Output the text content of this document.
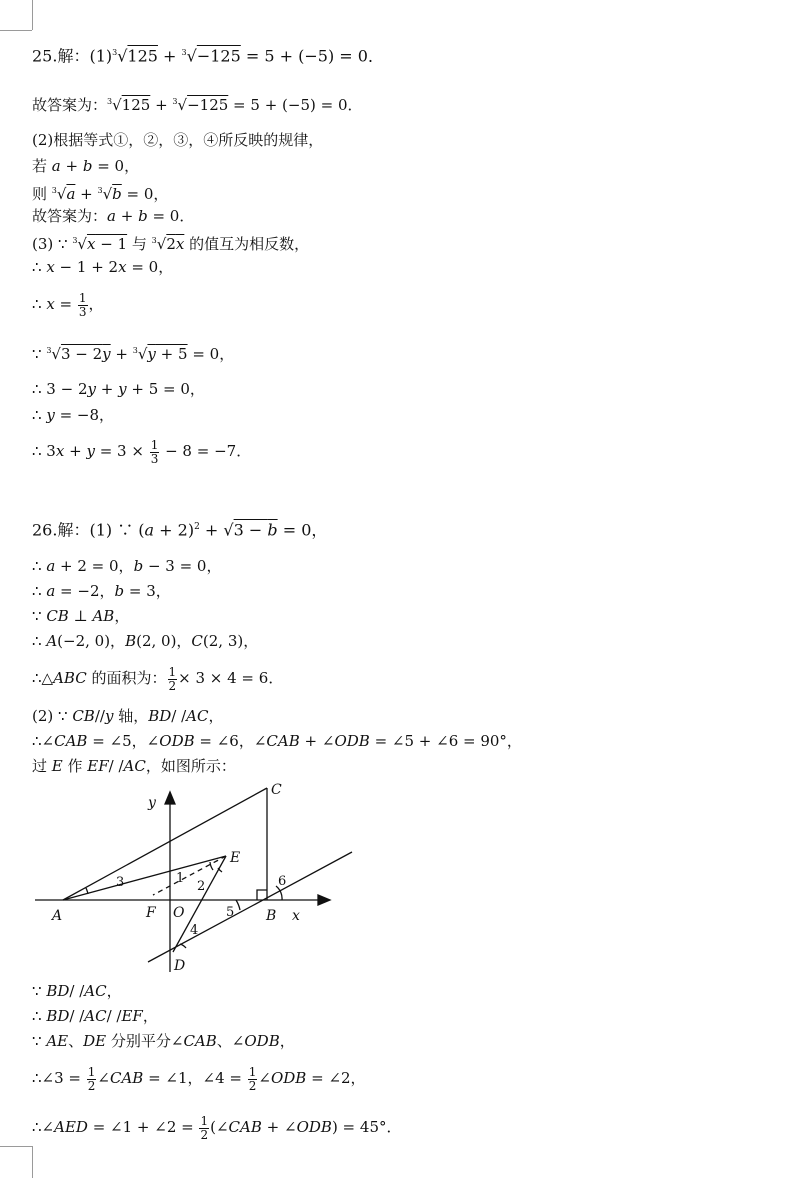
25.解：$(1)^3√125 + ^3√-125 = 5 + (-5) = 0$．
故答案为：$^3$√125 + $^3$√−125 = 5 + (−5) = 0．
(2)根据等式①，②，③，④所反映的规律，
若 a + b = 0，
则 $^3$√a + $^3$√b = 0，
故答案为：a + b = 0．
(3) ∵ $^3$√x − 1 与 $^3$√2x 的值互为相反数，
∴ x − 1 + 2x = 0，
∴ $x = \frac{1}{3}$ ，
∵ $^3$√3 − 2y + $^3$√y + 5 = 0，
∴ 3 − 2y + y + 5 = 0，
∴ y = −8，
∴ $3x + y = 3 \times \frac{1}{3} - 8 = -7$．
26.解：(1) ∵ $(a + 2)^2 + √3 - b = 0$，
∴ a + 2 = 0，b − 3 = 0，
∴ a = −2，b = 3，
∵ CB ⊥ AB，
∴ A(−2, 0)，B(2, 0)，C(2, 3)，
∴△ABC 的面积为： $\frac{1}{2} \times 3 \times 4 = 6$．
(2) ∵ CB//y 轴，BD/ /AC，
∴∠CAB = ∠5，∠ODB = ∠6，∠CAB + ∠ODB = ∠5 + ∠6 = 90°，
过 E 作 EF/ /AC，如图所示：
y
C
E
1
2
3	6
A	F O	5 B x
4
D
∵ BD/ /AC，
∴ BD/ /AC/ /EF，
∵ AE、DE 分别平分∠CAB、∠ODB，
∴∠3 = $\frac{1}{2}$ ∠CAB = ∠1，∠4 = $\frac{1}{2}$ ∠ODB = ∠2，
∴∠AED = ∠1 + ∠2 = $\frac{1}{2}$ (∠CAB + ∠ODB) = 45°．
